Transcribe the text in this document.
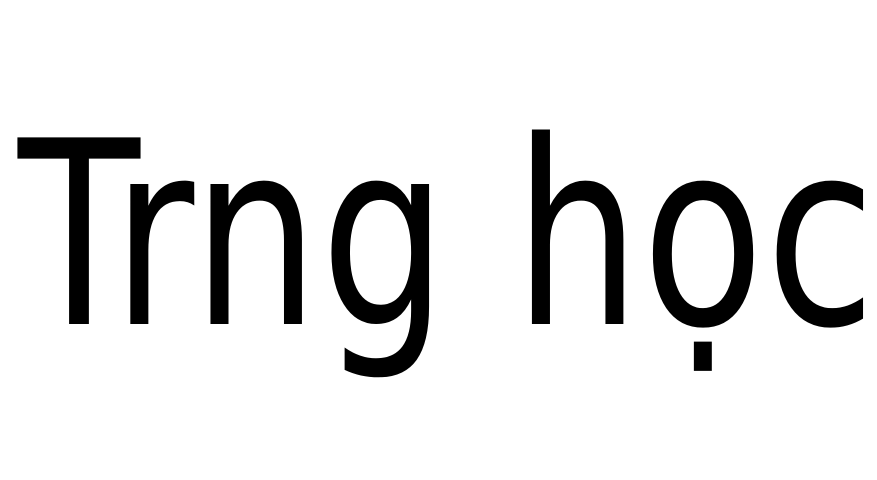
Trng học
